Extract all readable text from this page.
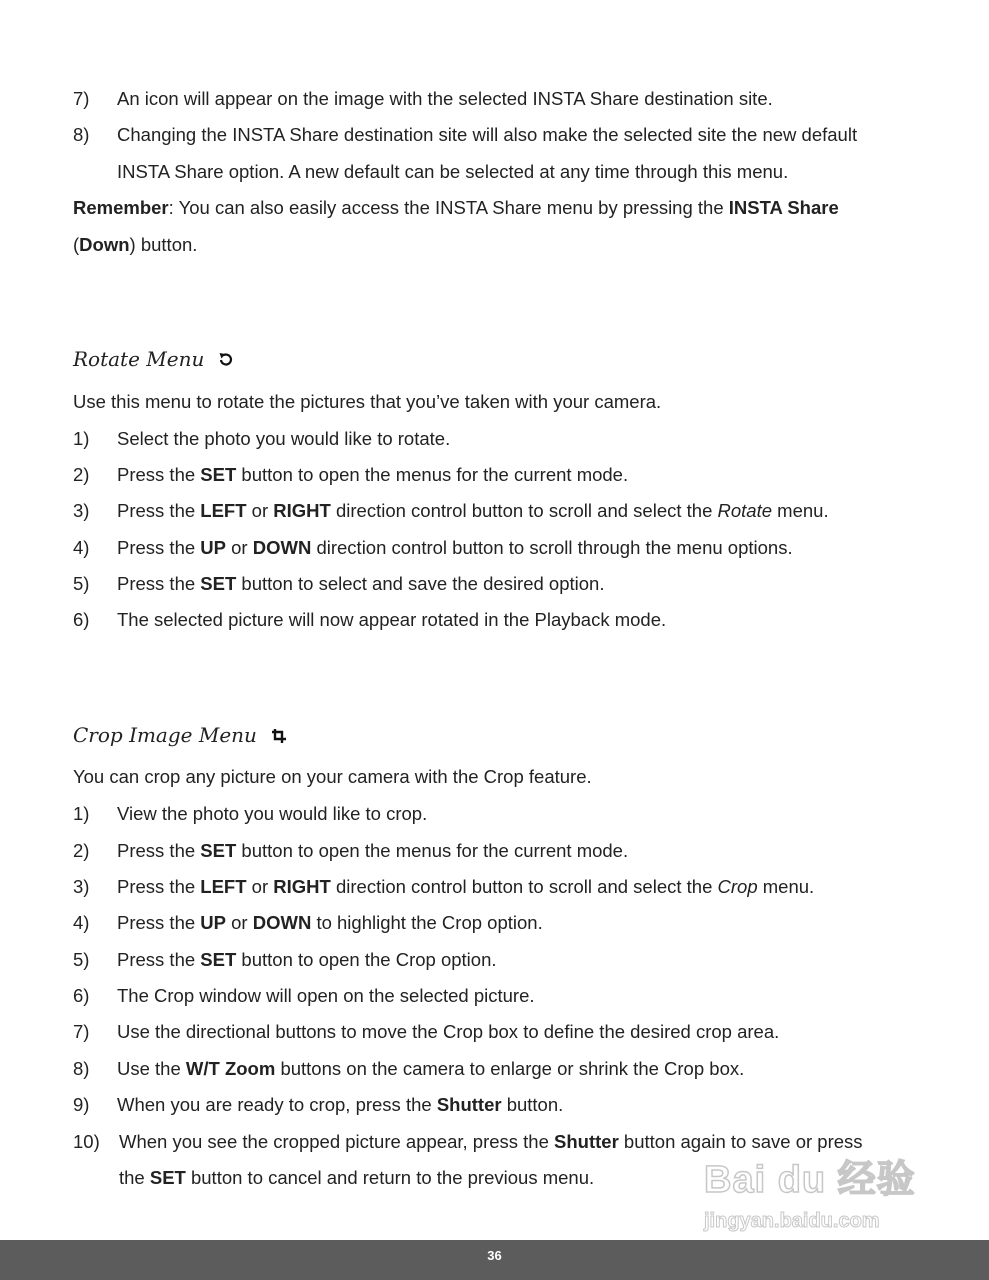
7) An icon will appear on the image with the selected INSTA Share destination site.
8) Changing the INSTA Share destination site will also make the selected site the new default
INSTA Share option. A new default can be selected at any time through this menu.
Remember: You can also easily access the INSTA Share menu by pressing the INSTA Share
(Down) button.
Rotate Menu
Use this menu to rotate the pictures that you’ve taken with your camera.
1) Select the photo you would like to rotate.
2) Press the SET button to open the menus for the current mode.
3) Press the LEFT or RIGHT direction control button to scroll and select the Rotate menu.
4) Press the UP or DOWN direction control button to scroll through the menu options.
5) Press the SET button to select and save the desired option.
6) The selected picture will now appear rotated in the Playback mode.
Crop Image Menu
You can crop any picture on your camera with the Crop feature.
1) View the photo you would like to crop.
2) Press the SET button to open the menus for the current mode.
3) Press the LEFT or RIGHT direction control button to scroll and select the Crop menu.
4) Press the UP or DOWN to highlight the Crop option.
5) Press the SET button to open the Crop option.
6) The Crop window will open on the selected picture.
7) Use the directional buttons to move the Crop box to define the desired crop area.
8) Use the W/T Zoom buttons on the camera to enlarge or shrink the Crop box.
9) When you are ready to crop, press the Shutter button.
10) When you see the cropped picture appear, press the Shutter button again to save or press
the SET button to cancel and return to the previous menu.	Bai du 经验
jingyan.baidu.com
36
